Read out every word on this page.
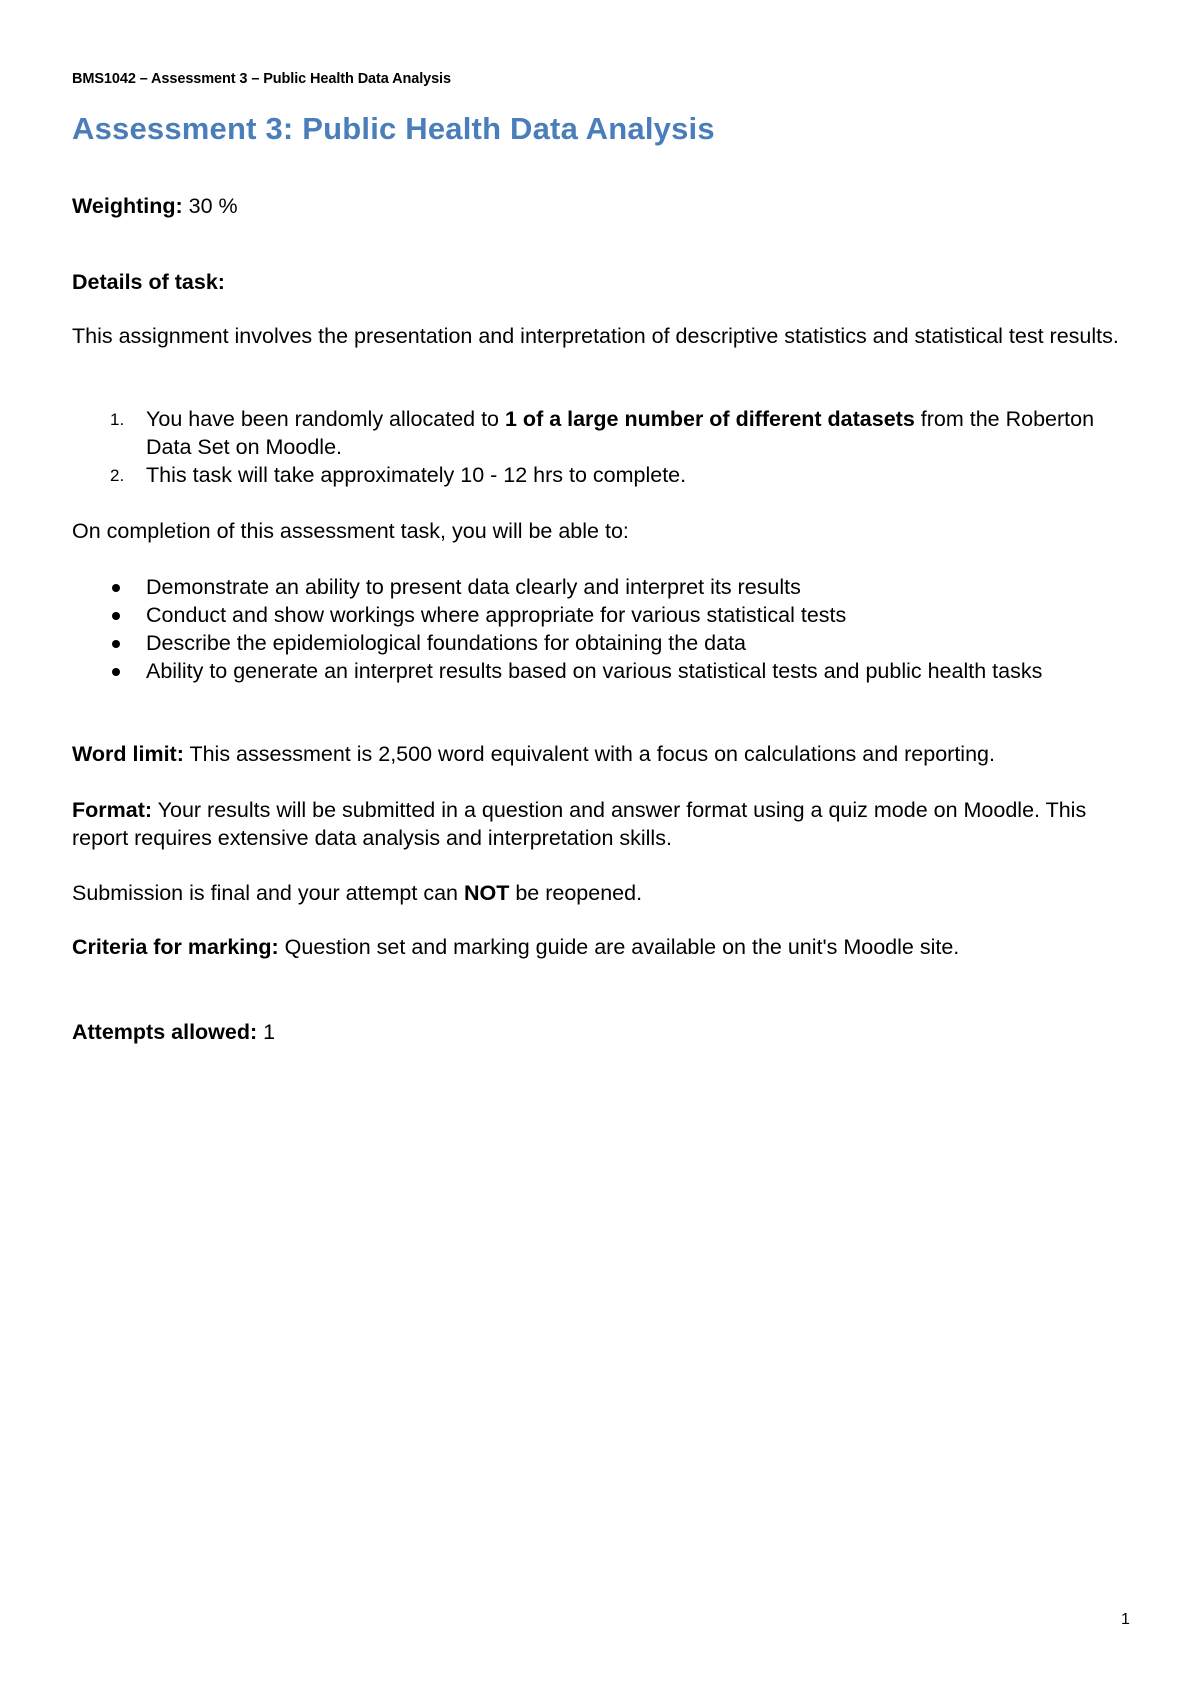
BMS1042 – Assessment 3 – Public Health Data Analysis
Assessment 3: Public Health Data Analysis
Weighting: 30 %
Details of task:
This assignment involves the presentation and interpretation of descriptive statistics and statistical test results.
1. You have been randomly allocated to 1 of a large number of different datasets from the Roberton Data Set on Moodle.
2. This task will take approximately 10 - 12 hrs to complete.
On completion of this assessment task, you will be able to:
Demonstrate an ability to present data clearly and interpret its results
Conduct and show workings where appropriate for various statistical tests
Describe the epidemiological foundations for obtaining the data
Ability to generate an interpret results based on various statistical tests and public health tasks
Word limit: This assessment is 2,500 word equivalent with a focus on calculations and reporting.
Format: Your results will be submitted in a question and answer format using a quiz mode on Moodle. This report requires extensive data analysis and interpretation skills.
Submission is final and your attempt can NOT be reopened.
Criteria for marking: Question set and marking guide are available on the unit's Moodle site.
Attempts allowed: 1
1
